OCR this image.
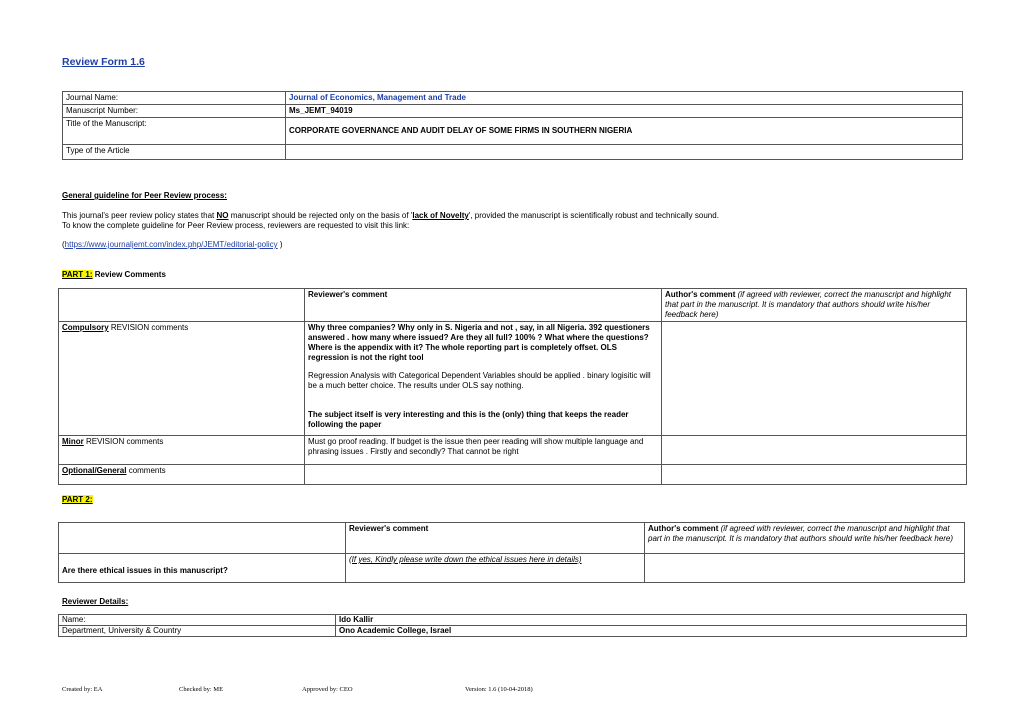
Review Form 1.6
Journal Name:	Journal of Economics, Management and Trade
Manuscript Number:	Ms_JEMT_94019
Title of the Manuscript:	CORPORATE GOVERNANCE AND AUDIT DELAY OF SOME FIRMS IN SOUTHERN NIGERIA
Type of the Article	
General guideline for Peer Review process:

This journal's peer review policy states that NO manuscript should be rejected only on the basis of 'lack of Novelty', provided the manuscript is scientifically robust and technically sound.

To know the complete guideline for Peer Review process, reviewers are requested to visit this link:

(https://www.journaljemt.com/index.php/JEMT/editorial-policy )
PART 1: Review Comments
	Reviewer's comment	Author's comment (if agreed with reviewer, correct the manuscript and highlight that part in the manuscript. It is mandatory that authors should write his/her feedback here)
Compulsory REVISION comments	Why three companies? Why only in S. Nigeria and not , say, in all Nigeria. 392 questioners answered . how many where issued? Are they all full? 100% ? What where the questions? Where is the appendix with it? The whole reporting part is completely offset. OLS regression is not the right tool

Regression Analysis with Categorical Dependent Variables should be applied . binary logisitic will be a much better choice. The results under OLS say nothing.

The subject itself is very interesting and this is the (only) thing that keeps the reader following the paper	

Minor REVISION comments	Must go proof reading. If budget is the issue then peer reading will show multiple language and phrasing issues . Firstly and secondly? That cannot be right	
Optional/General comments		
PART 2:
	Reviewer's comment	Author's comment (if agreed with reviewer, correct the manuscript and highlight that part in the manuscript. It is mandatory that authors should write his/her feedback here)
Are there ethical issues in this manuscript?	(If yes, Kindly please write down the ethical issues here in details)	
Reviewer Details:
Name:	Ido Kallir
Department, University & Country	Ono Academic College, Israel
Created by: EA	Checked by: ME	Approved by: CEO	Version: 1.6 (10-04-2018)
